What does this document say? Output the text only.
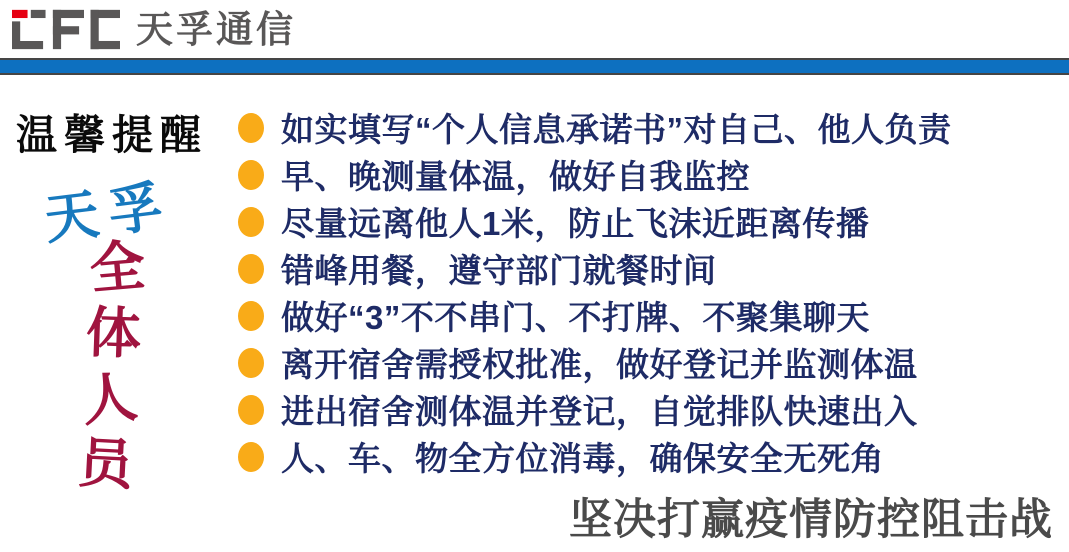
天孚通信
温馨提醒
天孚
全
体
人
员
如实填写“个人信息承诺书”对自己、他人负责
早、晚测量体温，做好自我监控
尽量远离他人1米，防止飞沫近距离传播
错峰用餐，遵守部门就餐时间
做好“3”不不串门、不打牌、不聚集聊天
离开宿舍需授权批准，做好登记并监测体温
进出宿舍测体温并登记，自觉排队快速出入
人、车、物全方位消毒，确保安全无死角
坚决打赢疫情防控阻击战
